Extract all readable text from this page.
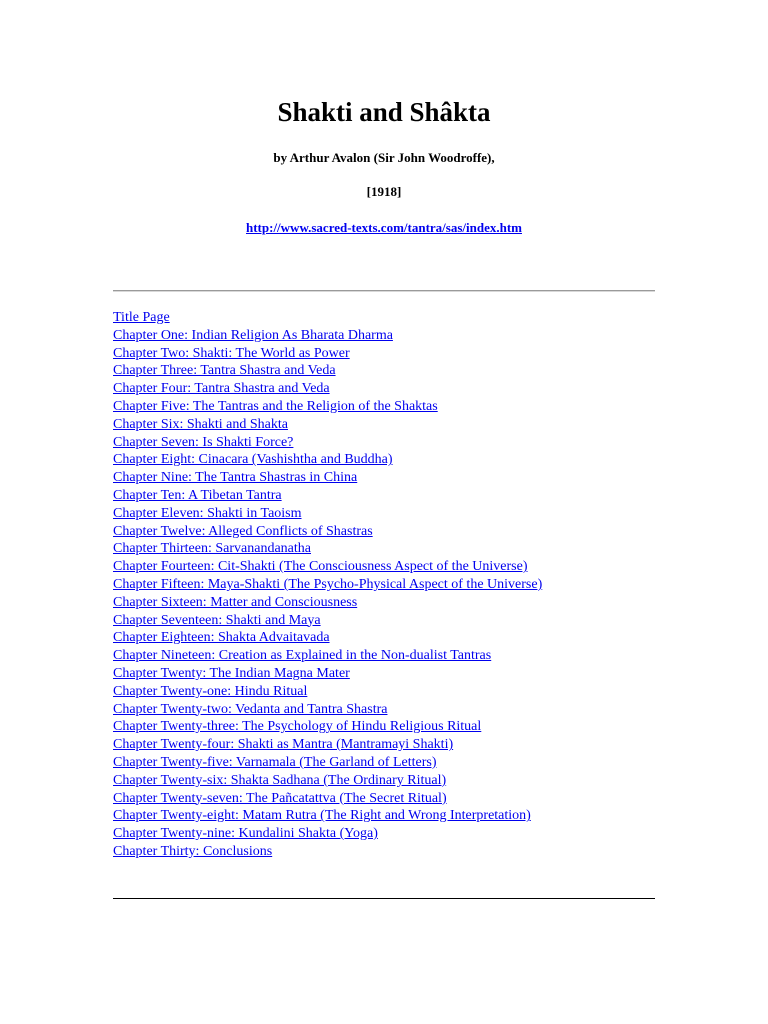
Shakti and Shâkta
by Arthur Avalon (Sir John Woodroffe),
[1918]
http://www.sacred-texts.com/tantra/sas/index.htm
Title Page
Chapter One: Indian Religion As Bharata Dharma
Chapter Two: Shakti: The World as Power
Chapter Three: Tantra Shastra and Veda
Chapter Four: Tantra Shastra and Veda
Chapter Five: The Tantras and the Religion of the Shaktas
Chapter Six: Shakti and Shakta
Chapter Seven: Is Shakti Force?
Chapter Eight: Cinacara (Vashishtha and Buddha)
Chapter Nine: The Tantra Shastras in China
Chapter Ten: A Tibetan Tantra
Chapter Eleven: Shakti in Taoism
Chapter Twelve: Alleged Conflicts of Shastras
Chapter Thirteen: Sarvanandanatha
Chapter Fourteen: Cit-Shakti (The Consciousness Aspect of the Universe)
Chapter Fifteen: Maya-Shakti (The Psycho-Physical Aspect of the Universe)
Chapter Sixteen: Matter and Consciousness
Chapter Seventeen: Shakti and Maya
Chapter Eighteen: Shakta Advaitavada
Chapter Nineteen: Creation as Explained in the Non-dualist Tantras
Chapter Twenty: The Indian Magna Mater
Chapter Twenty-one: Hindu Ritual
Chapter Twenty-two: Vedanta and Tantra Shastra
Chapter Twenty-three: The Psychology of Hindu Religious Ritual
Chapter Twenty-four: Shakti as Mantra (Mantramayi Shakti)
Chapter Twenty-five: Varnamala (The Garland of Letters)
Chapter Twenty-six: Shakta Sadhana (The Ordinary Ritual)
Chapter Twenty-seven: The Pañcatattva (The Secret Ritual)
Chapter Twenty-eight: Matam Rutra (The Right and Wrong Interpretation)
Chapter Twenty-nine: Kundalini Shakta (Yoga)
Chapter Thirty: Conclusions
